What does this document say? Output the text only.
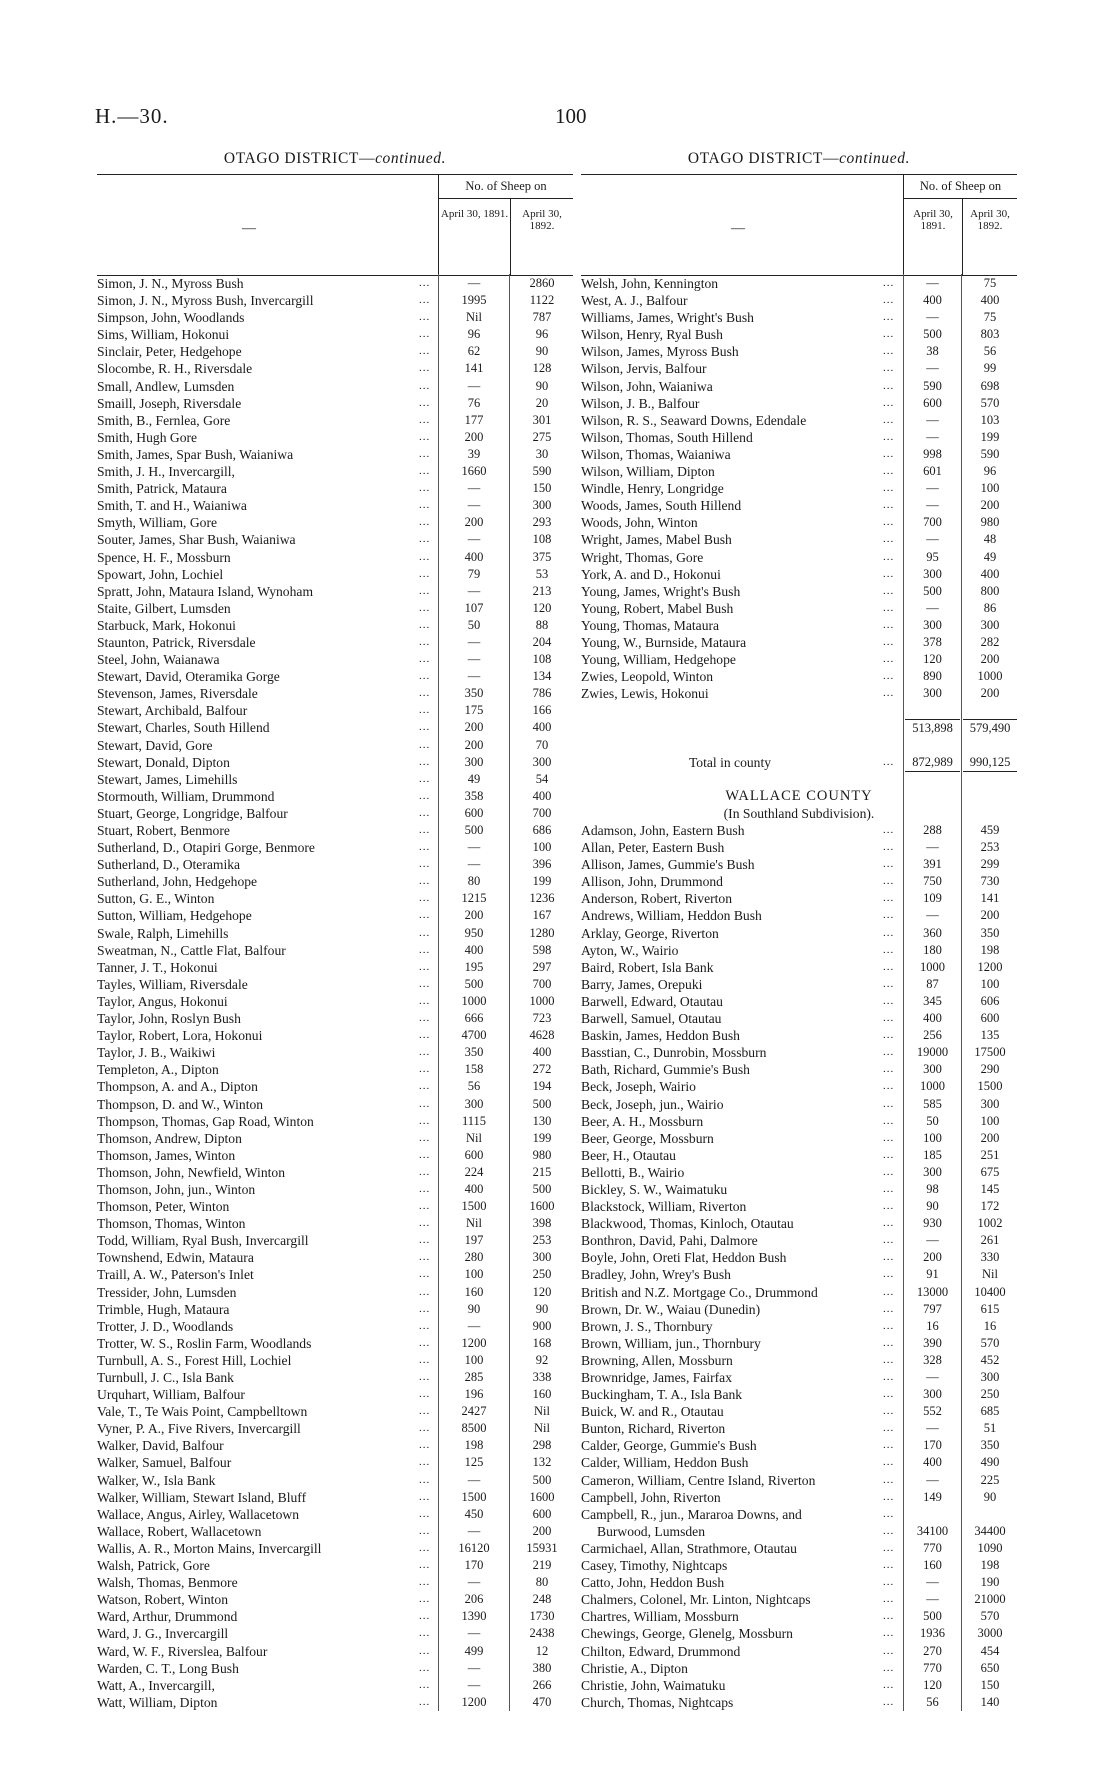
H.—30.	100
OTAGO DISTRICT—continued.
—
No. of Sheep on
April 30, 1891.	April 30, 1892.
Simon, J. N., Myross Bush	...	—	2860
Simon, J. N., Myross Bush, Invercargill	...	1995	1122
Simpson, John, Woodlands	...	Nil	787
Sims, William, Hokonui	...	96	96
Sinclair, Peter, Hedgehope	...	62	90
Slocombe, R. H., Riversdale	...	141	128
Small, Andlew, Lumsden	...	—	90
Smaill, Joseph, Riversdale	...	76	20
Smith, B., Fernlea, Gore	...	177	301
Smith, Hugh Gore	...	200	275
Smith, James, Spar Bush, Waianiwa	...	39	30
Smith, J. H., Invercargill,	...	1660	590
Smith, Patrick, Mataura	...	—	150
Smith, T. and H., Waianiwa	...	—	300
Smyth, William, Gore	...	200	293
Souter, James, Shar Bush, Waianiwa	...	—	108
Spence, H. F., Mossburn	...	400	375
Spowart, John, Lochiel	...	79	53
Spratt, John, Mataura Island, Wynoham	...	—	213
Staite, Gilbert, Lumsden	...	107	120
Starbuck, Mark, Hokonui	...	50	88
Staunton, Patrick, Riversdale	...	—	204
Steel, John, Waianawa	...	—	108
Stewart, David, Oteramika Gorge	...	—	134
Stevenson, James, Riversdale	...	350	786
Stewart, Archibald, Balfour	...	175	166
Stewart, Charles, South Hillend	...	200	400
Stewart, David, Gore	...	200	70
Stewart, Donald, Dipton	...	300	300
Stewart, James, Limehills	...	49	54
Stormouth, William, Drummond	...	358	400
Stuart, George, Longridge, Balfour	...	600	700
Stuart, Robert, Benmore	...	500	686
Sutherland, D., Otapiri Gorge, Benmore	...	—	100
Sutherland, D., Oteramika	...	—	396
Sutherland, John, Hedgehope	...	80	199
Sutton, G. E., Winton	...	1215	1236
Sutton, William, Hedgehope	...	200	167
Swale, Ralph, Limehills	...	950	1280
Sweatman, N., Cattle Flat, Balfour	...	400	598
Tanner, J. T., Hokonui	...	195	297
Tayles, William, Riversdale	...	500	700
Taylor, Angus, Hokonui	...	1000	1000
Taylor, John, Roslyn Bush	...	666	723
Taylor, Robert, Lora, Hokonui	...	4700	4628
Taylor, J. B., Waikiwi	...	350	400
Templeton, A., Dipton	...	158	272
Thompson, A. and A., Dipton	...	56	194
Thompson, D. and W., Winton	...	300	500
Thompson, Thomas, Gap Road, Winton	...	1115	130
Thomson, Andrew, Dipton	...	Nil	199
Thomson, James, Winton	...	600	980
Thomson, John, Newfield, Winton	...	224	215
Thomson, John, jun., Winton	...	400	500
Thomson, Peter, Winton	...	1500	1600
Thomson, Thomas, Winton	...	Nil	398
Todd, William, Ryal Bush, Invercargill	...	197	253
Townshend, Edwin, Mataura	...	280	300
Traill, A. W., Paterson's Inlet	...	100	250
Tressider, John, Lumsden	...	160	120
Trimble, Hugh, Mataura	...	90	90
Trotter, J. D., Woodlands	...	—	900
Trotter, W. S., Roslin Farm, Woodlands	...	1200	168
Turnbull, A. S., Forest Hill, Lochiel	...	100	92
Turnbull, J. C., Isla Bank	...	285	338
Urquhart, William, Balfour	...	196	160
Vale, T., Te Wais Point, Campbelltown	...	2427	Nil
Vyner, P. A., Five Rivers, Invercargill	...	8500	Nil
Walker, David, Balfour	...	198	298
Walker, Samuel, Balfour	...	125	132
Walker, W., Isla Bank	...	—	500
Walker, William, Stewart Island, Bluff	...	1500	1600
Wallace, Angus, Airley, Wallacetown	...	450	600
Wallace, Robert, Wallacetown	...	—	200
Wallis, A. R., Morton Mains, Invercargill	...	16120	15931
Walsh, Patrick, Gore	...	170	219
Walsh, Thomas, Benmore	...	—	80
Watson, Robert, Winton	...	206	248
Ward, Arthur, Drummond	...	1390	1730
Ward, J. G., Invercargill	...	—	2438
Ward, W. F., Riverslea, Balfour	...	499	12
Warden, C. T., Long Bush	...	—	380
Watt, A., Invercargill,	...	—	266
Watt, William, Dipton	...	1200	470
OTAGO DISTRICT—continued.
—
No. of Sheep on
April 30, 1891.
April 30, 1892.
Welsh, John, Kennington	...	—	75
West, A. J., Balfour	...	400	400
Williams, James, Wright's Bush	...	—	75
Wilson, Henry, Ryal Bush	...	500	803
Wilson, James, Myross Bush	...	38	56
Wilson, Jervis, Balfour	...	—	99
Wilson, John, Waianiwa	...	590	698
Wilson, J. B., Balfour	...	600	570
Wilson, R. S., Seaward Downs, Edendale	...	—	103
Wilson, Thomas, South Hillend	...	—	199
Wilson, Thomas, Waianiwa	...	998	590
Wilson, William, Dipton	...	601	96
Windle, Henry, Longridge	...	—	100
Woods, James, South Hillend	...	—	200
Woods, John, Winton	...	700	980
Wright, James, Mabel Bush	...	—	48
Wright, Thomas, Gore	...	95	49
York, A. and D., Hokonui	...	300	400
Young, James, Wright's Bush	...	500	800
Young, Robert, Mabel Bush	...	—	86
Young, Thomas, Mataura	...	300	300
Young, W., Burnside, Mataura	...	378	282
Young, William, Hedgehope	...	120	200
Zwies, Leopold, Winton	...	890	1000
Zwies, Lewis, Hokonui	...	300	200
513,898	579,490
Total in county	...	872,989	990,125
WALLACE COUNTY
(In Southland Subdivision).
Adamson, John, Eastern Bush	...	288	459
Allan, Peter, Eastern Bush	...	—	253
Allison, James, Gummie's Bush	...	391	299
Allison, John, Drummond	...	750	730
Anderson, Robert, Riverton	...	109	141
Andrews, William, Heddon Bush	...	—	200
Arklay, George, Riverton	...	360	350
Ayton, W., Wairio	...	180	198
Baird, Robert, Isla Bank	...	1000	1200
Barry, James, Orepuki	...	87	100
Barwell, Edward, Otautau	...	345	606
Barwell, Samuel, Otautau	...	400	600
Baskin, James, Heddon Bush	...	256	135
Basstian, C., Dunrobin, Mossburn	...	19000	17500
Bath, Richard, Gummie's Bush	...	300	290
Beck, Joseph, Wairio	...	1000	1500
Beck, Joseph, jun., Wairio	...	585	300
Beer, A. H., Mossburn	...	50	100
Beer, George, Mossburn	...	100	200
Beer, H., Otautau	...	185	251
Bellotti, B., Wairio	...	300	675
Bickley, S. W., Waimatuku	...	98	145
Blackstock, William, Riverton	...	90	172
Blackwood, Thomas, Kinloch, Otautau	...	930	1002
Bonthron, David, Pahi, Dalmore	...	—	261
Boyle, John, Oreti Flat, Heddon Bush	...	200	330
Bradley, John, Wrey's Bush	...	91	Nil
British and N.Z. Mortgage Co., Drummond	...	13000	10400
Brown, Dr. W., Waiau (Dunedin)	...	797	615
Brown, J. S., Thornbury	...	16	16
Brown, William, jun., Thornbury	...	390	570
Browning, Allen, Mossburn	...	328	452
Brownridge, James, Fairfax	...	—	300
Buckingham, T. A., Isla Bank	...	300	250
Buick, W. and R., Otautau	...	552	685
Bunton, Richard, Riverton	...	—	51
Calder, George, Gummie's Bush	...	170	350
Calder, William, Heddon Bush	...	400	490
Cameron, William, Centre Island, Riverton	...	—	225
Campbell, John, Riverton	...	149	90
Campbell, R., jun., Mararoa Downs, and	...
Burwood, Lumsden	...	34100	34400
Carmichael, Allan, Strathmore, Otautau	...	770	1090
Casey, Timothy, Nightcaps	...	160	198
Catto, John, Heddon Bush	...	—	190
Chalmers, Colonel, Mr. Linton, Nightcaps	...	—	21000
Chartres, William, Mossburn	...	500	570
Chewings, George, Glenelg, Mossburn	...	1936	3000
Chilton, Edward, Drummond	...	270	454
Christie, A., Dipton	...	770	650
Christie, John, Waimatuku	...	120	150
Church, Thomas, Nightcaps	...	56	140
